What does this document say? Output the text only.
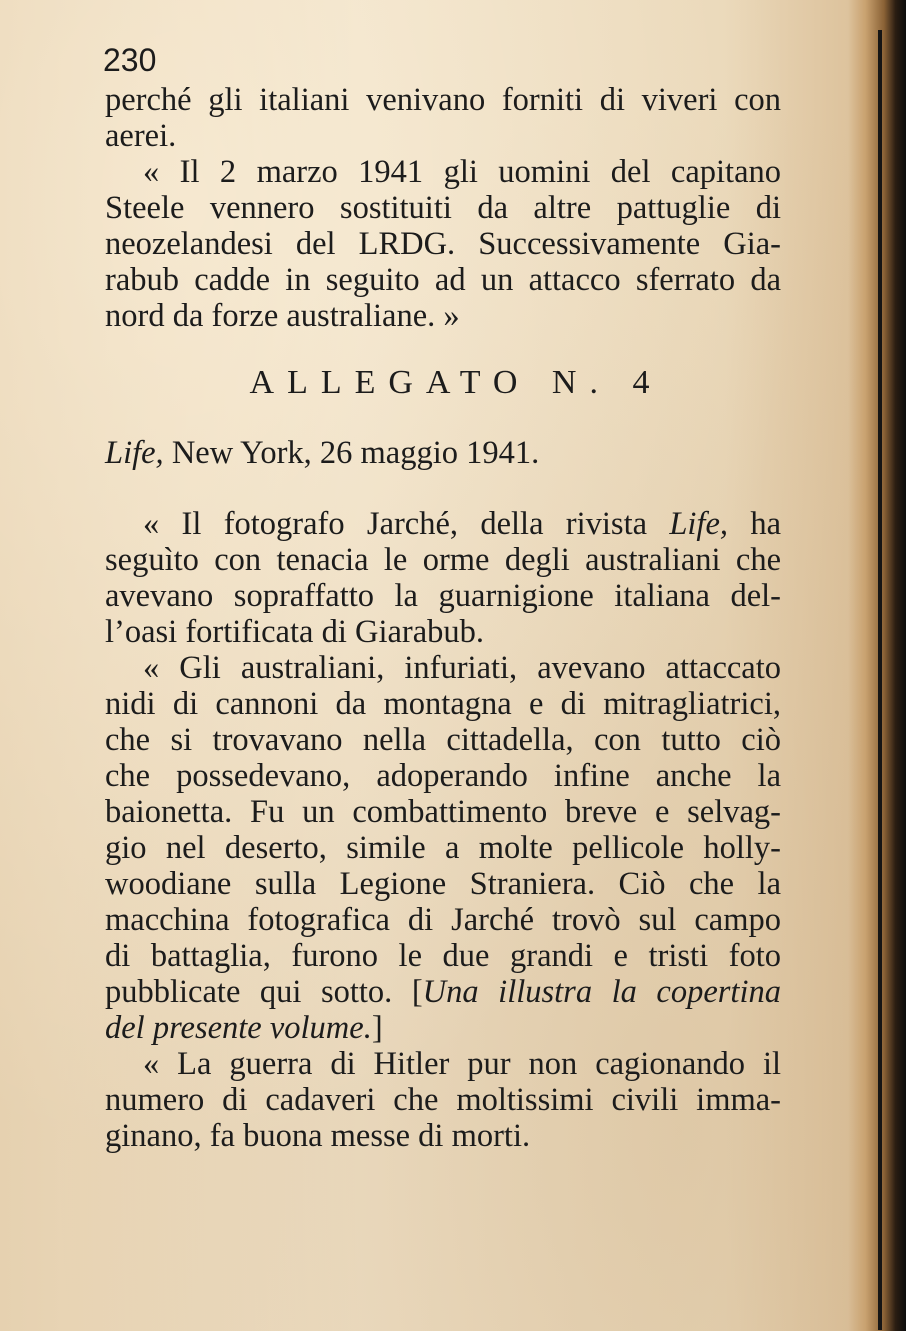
230
perché gli italiani venivano forniti di viveri con
aerei.
« Il 2 marzo 1941 gli uomini del capitano
Steele vennero sostituiti da altre pattuglie di
neozelandesi del LRDG. Successivamente Gia-
rabub cadde in seguito ad un attacco sferrato da
nord da forze australiane. »
ALLEGATO N. 4
Life, New York, 26 maggio 1941.
« Il fotografo Jarché, della rivista Life, ha
seguìto con tenacia le orme degli australiani che
avevano sopraffatto la guarnigione italiana del-
l’oasi fortificata di Giarabub.
« Gli australiani, infuriati, avevano attaccato
nidi di cannoni da montagna e di mitragliatrici,
che si trovavano nella cittadella, con tutto ciò
che possedevano, adoperando infine anche la
baionetta. Fu un combattimento breve e selvag-
gio nel deserto, simile a molte pellicole holly-
woodiane sulla Legione Straniera. Ciò che la
macchina fotografica di Jarché trovò sul campo
di battaglia, furono le due grandi e tristi foto
pubblicate qui sotto. [Una illustra la copertina
del presente volume.]
« La guerra di Hitler pur non cagionando il
numero di cadaveri che moltissimi civili imma-
ginano, fa buona messe di morti.
